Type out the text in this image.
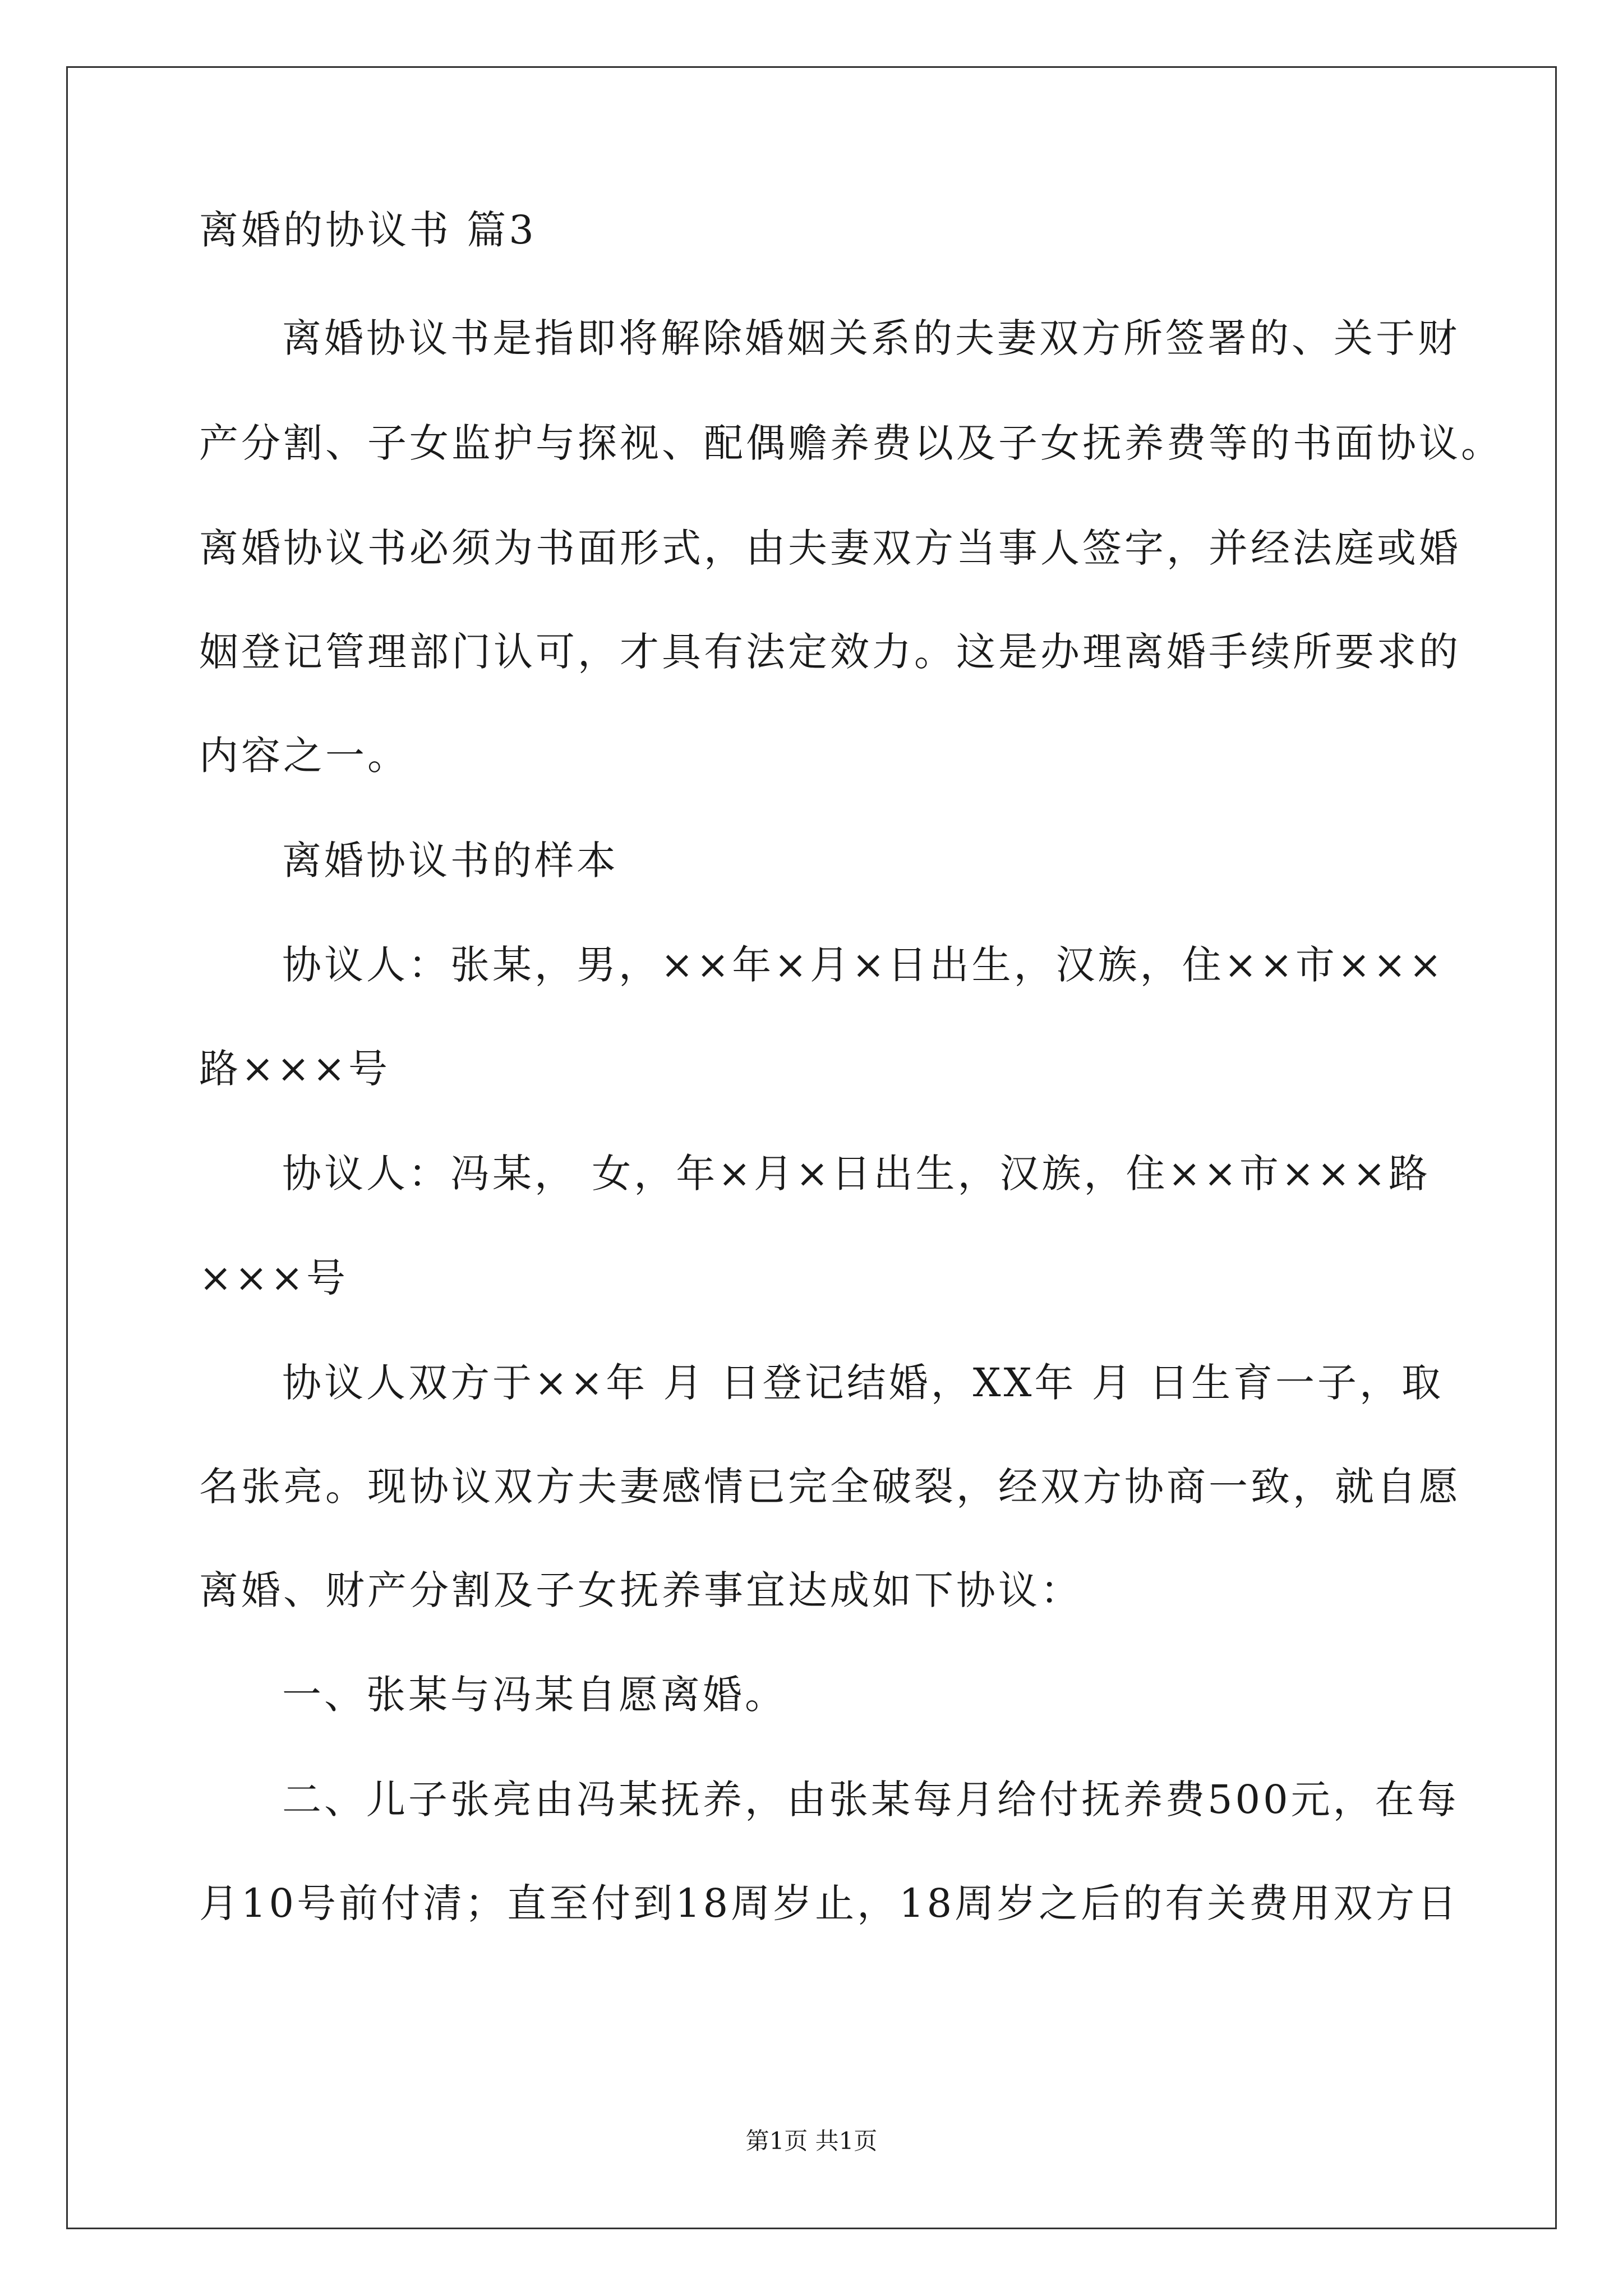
离婚的协议书 篇3
离婚协议书是指即将解除婚姻关系的夫妻双方所签署的、关于财
产分割、子女监护与探视、配偶赡养费以及子女抚养费等的书面协议。
离婚协议书必须为书面形式，由夫妻双方当事人签字，并经法庭或婚
姻登记管理部门认可，才具有法定效力。这是办理离婚手续所要求的
内容之一。
离婚协议书的样本
协议人：张某，男，××年×月×日出生，汉族，住××市×××
路×××号
协议人：冯某， 女，年×月×日出生，汉族，住××市×××路
×××号
协议人双方于××年 月 日登记结婚，XX年 月 日生育一子，取
名张亮。现协议双方夫妻感情已完全破裂，经双方协商一致，就自愿
离婚、财产分割及子女抚养事宜达成如下协议：
一、张某与冯某自愿离婚。
二、儿子张亮由冯某抚养，由张某每月给付抚养费500元，在每
月10号前付清；直至付到18周岁止，18周岁之后的有关费用双方日
第1页 共1页
